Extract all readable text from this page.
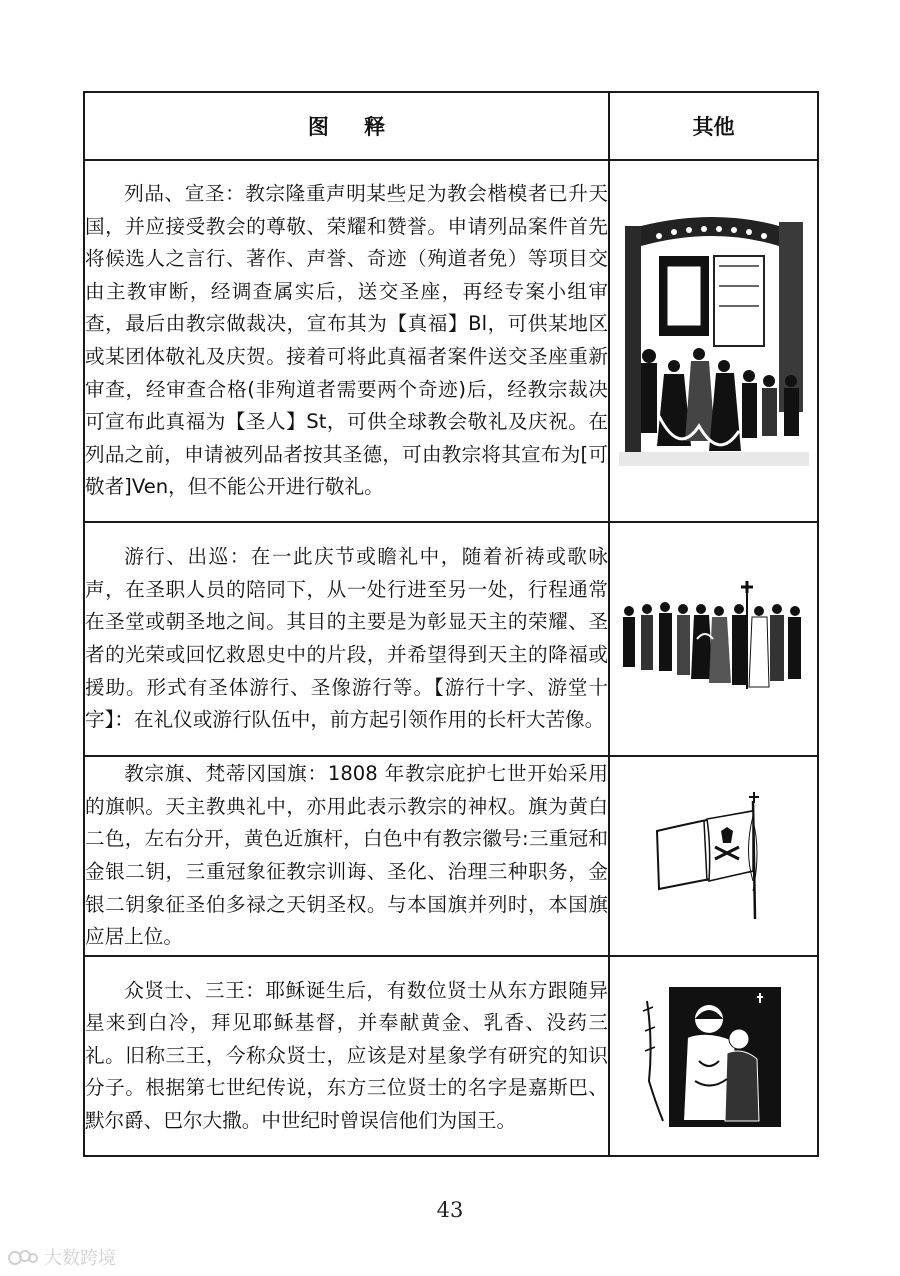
图 释	其他
列品、宣圣：教宗隆重声明某些足为教会楷模者已升天国，并应接受教会的尊敬、荣耀和赞誉。申请列品案件首先将候选人之言行、著作、声誉、奇迹（殉道者免）等项目交由主教审断，经调查属实后，送交圣座，再经专案小组审查，最后由教宗做裁决，宣布其为【真福】Bl，可供某地区或某团体敬礼及庆贺。接着可将此真福者案件送交圣座重新审查，经审查合格(非殉道者需要两个奇迹)后，经教宗裁决可宣布此真福为【圣人】St，可供全球教会敬礼及庆祝。在列品之前，申请被列品者按其圣德，可由教宗将其宣布为[可敬者]Ven，但不能公开进行敬礼。	

游行、出巡：在一此庆节或瞻礼中，随着祈祷或歌咏声，在圣职人员的陪同下，从一处行进至另一处，行程通常在圣堂或朝圣地之间。其目的主要是为彰显天主的荣耀、圣者的光荣或回忆救恩史中的片段，并希望得到天主的降福或援助。形式有圣体游行、圣像游行等。【游行十字、游堂十字】：在礼仪或游行队伍中，前方起引领作用的长杆大苦像。	

教宗旗、梵蒂冈国旗：1808 年教宗庇护七世开始采用的旗帜。天主教典礼中，亦用此表示教宗的神权。旗为黄白二色，左右分开，黄色近旗杆，白色中有教宗徽号:三重冠和金银二钥，三重冠象征教宗训诲、圣化、治理三种职务，金银二钥象征圣伯多禄之天钥圣权。与本国旗并列时，本国旗应居上位。	

众贤士、三王：耶稣诞生后，有数位贤士从东方跟随异星来到白冷，拜见耶稣基督，并奉献黄金、乳香、没药三礼。旧称三王，今称众贤士，应该是对星象学有研究的知识分子。根据第七世纪传说，东方三位贤士的名字是嘉斯巴、默尔爵、巴尔大撒。中世纪时曾误信他们为国王。	
43
大数跨境
